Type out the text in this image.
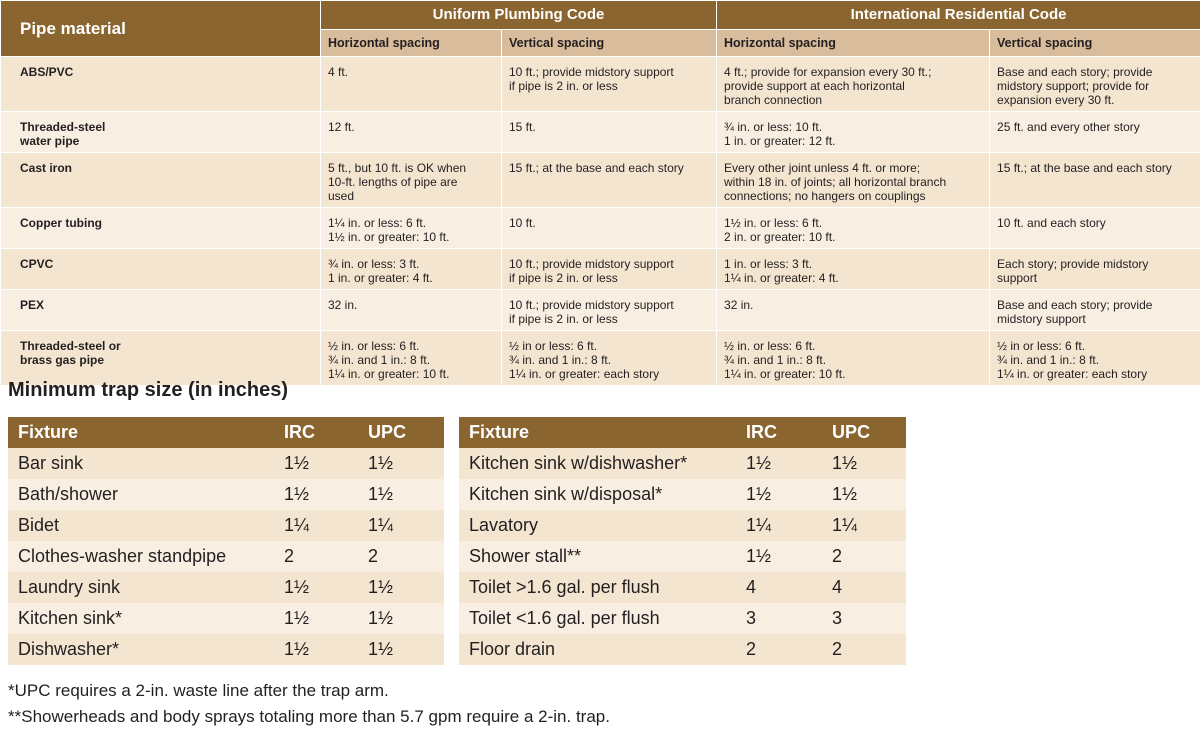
Pipe material	Uniform Plumbing Code		International Residential Code	
	Horizontal spacing	Vertical spacing	Horizontal spacing	Vertical spacing

ABS/PVC	4 ft.	10 ft.; provide midstory support
if pipe is 2 in. or less	4 ft.; provide for expansion every 30 ft.;
provide support at each horizontal
branch connection	Base and each story; provide
midstory support; provide for
expansion every 30 ft.

Threaded-steel
water pipe	12 ft.	15 ft.	¾ in. or less: 10 ft.
1 in. or greater: 12 ft.	25 ft. and every other story

Cast iron	5 ft., but 10 ft. is OK when
10-ft. lengths of pipe are
used	15 ft.; at the base and each story	Every other joint unless 4 ft. or more;
within 18 in. of joints; all horizontal branch
connections; no hangers on couplings	15 ft.; at the base and each story

Copper tubing	1¼ in. or less: 6 ft.
1½ in. or greater: 10 ft.	10 ft.	1½ in. or less: 6 ft.
2 in. or greater: 10 ft.	10 ft. and each story

CPVC	¾ in. or less: 3 ft.
1 in. or greater: 4 ft.	10 ft.; provide midstory support
if pipe is 2 in. or less	1 in. or less: 3 ft.
1¼ in. or greater: 4 ft.	Each story; provide midstory
support

PEX	32 in.	10 ft.; provide midstory support
if pipe is 2 in. or less	32 in.	Base and each story; provide
midstory support

Threaded-steel or
brass gas pipe	½ in. or less: 6 ft.
¾ in. and 1 in.: 8 ft.
1¼ in. or greater: 10 ft.	½ in or less: 6 ft.
¾ in. and 1 in.: 8 ft.
1¼ in. or greater: each story	½ in. or less: 6 ft.
¾ in. and 1 in.: 8 ft.
1¼ in. or greater: 10 ft.	½ in or less: 6 ft.
¾ in. and 1 in.: 8 ft.
1¼ in. or greater: each story
Minimum trap size (in inches)
Fixture	IRC	UPC
Bar sink	1½	1½
Bath/shower	1½	1½
Bidet	1¼	1¼
Clothes-washer standpipe	2	2
Laundry sink	1½	1½
Kitchen sink*	1½	1½
Dishwasher*	1½	1½
Fixture	IRC	UPC
Kitchen sink w/dishwasher*	1½	1½
Kitchen sink w/disposal*	1½	1½
Lavatory	1¼	1¼
Shower stall**	1½	2
Toilet >1.6 gal. per flush	4	4
Toilet <1.6 gal. per flush	3	3
Floor drain	2	2

*UPC requires a 2-in. waste line after the trap arm.

**Showerheads and body sprays totaling more than 5.7 gpm require a 2-in. trap.
